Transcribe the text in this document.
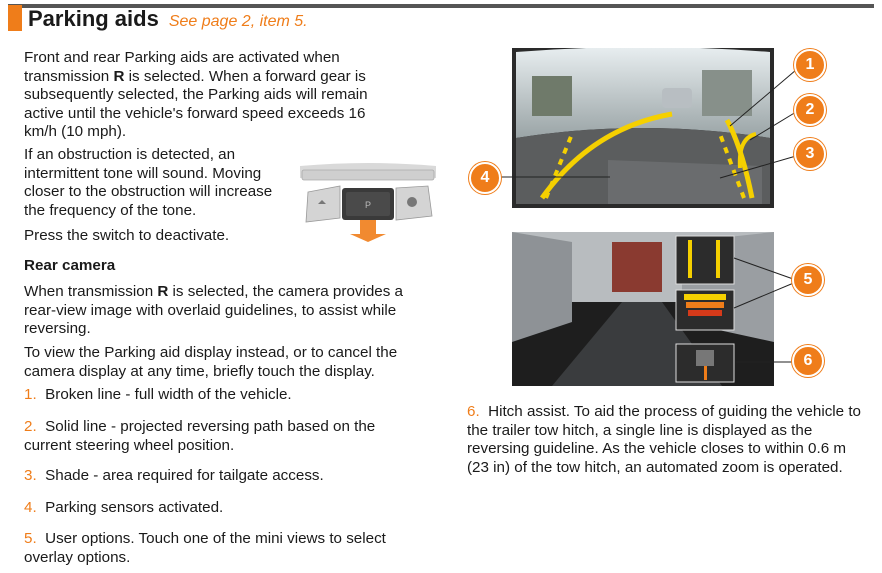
Parking aids See page 2, item 5.
Front and rear Parking aids are activated when transmission R is selected. When a forward gear is subsequently selected, the Parking aids will remain active until the vehicle's forward speed exceeds 16 km/h (10 mph).
If an obstruction is detected, an intermittent tone will sound. Moving closer to the obstruction will increase the frequency of the tone.
Press the switch to deactivate.
P
Rear camera
When transmission R is selected, the camera provides a rear-view image with overlaid guidelines, to assist while reversing.
To view the Parking aid display instead, or to cancel the camera display at any time, briefly touch the display.
1. Broken line - full width of the vehicle.
2. Solid line - projected reversing path based on the current steering wheel position.
3. Shade - area required for tailgate access.
4. Parking sensors activated.
5. User options. Touch one of the mini views to select overlay options.
6. Hitch assist. To aid the process of guiding the vehicle to the trailer tow hitch, a single line is displayed as the reversing guideline. As the vehicle closes to within 0.6 m (23 in) of the tow hitch, an automated zoom is operated.
1
2
3
4
5
6
